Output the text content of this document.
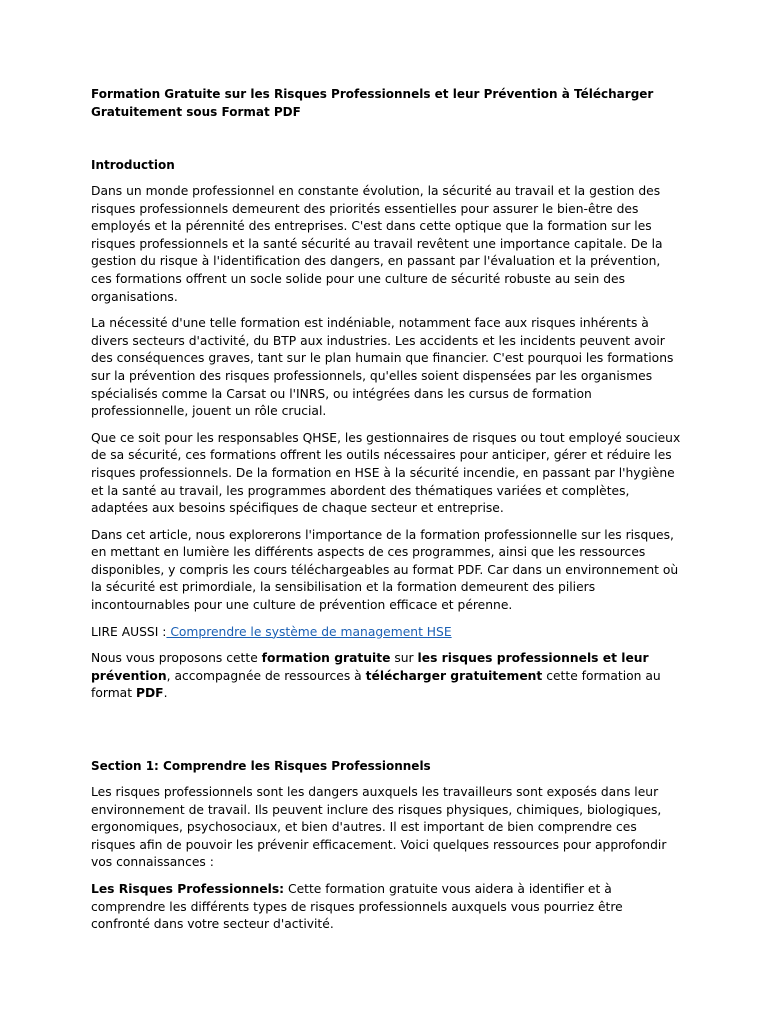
Formation Gratuite sur les Risques Professionnels et leur Prévention à Télécharger Gratuitement sous Format PDF
Introduction

Dans un monde professionnel en constante évolution, la sécurité au travail et la gestion des risques professionnels demeurent des priorités essentielles pour assurer le bien-être des employés et la pérennité des entreprises. C'est dans cette optique que la formation sur les risques professionnels et la santé sécurité au travail revêtent une importance capitale. De la gestion du risque à l'identification des dangers, en passant par l'évaluation et la prévention, ces formations offrent un socle solide pour une culture de sécurité robuste au sein des organisations.

La nécessité d'une telle formation est indéniable, notamment face aux risques inhérents à divers secteurs d'activité, du BTP aux industries. Les accidents et les incidents peuvent avoir des conséquences graves, tant sur le plan humain que financier. C'est pourquoi les formations sur la prévention des risques professionnels, qu'elles soient dispensées par les organismes spécialisés comme la Carsat ou l'INRS, ou intégrées dans les cursus de formation professionnelle, jouent un rôle crucial.

Que ce soit pour les responsables QHSE, les gestionnaires de risques ou tout employé soucieux de sa sécurité, ces formations offrent les outils nécessaires pour anticiper, gérer et réduire les risques professionnels. De la formation en HSE à la sécurité incendie, en passant par l'hygiène et la santé au travail, les programmes abordent des thématiques variées et complètes, adaptées aux besoins spécifiques de chaque secteur et entreprise.

Dans cet article, nous explorerons l'importance de la formation professionnelle sur les risques, en mettant en lumière les différents aspects de ces programmes, ainsi que les ressources disponibles, y compris les cours téléchargeables au format PDF. Car dans un environnement où la sécurité est primordiale, la sensibilisation et la formation demeurent des piliers incontournables pour une culture de prévention efficace et pérenne.

LIRE AUSSI : Comprendre le système de management HSE

Nous vous proposons cette formation gratuite sur les risques professionnels et leur prévention, accompagnée de ressources à télécharger gratuitement cette formation au format PDF.

Section 1: Comprendre les Risques Professionnels

Les risques professionnels sont les dangers auxquels les travailleurs sont exposés dans leur environnement de travail. Ils peuvent inclure des risques physiques, chimiques, biologiques, ergonomiques, psychosociaux, et bien d'autres. Il est important de bien comprendre ces risques afin de pouvoir les prévenir efficacement. Voici quelques ressources pour approfondir vos connaissances :

Les Risques Professionnels: Cette formation gratuite vous aidera à identifier et à comprendre les différents types de risques professionnels auxquels vous pourriez être confronté dans votre secteur d'activité.
